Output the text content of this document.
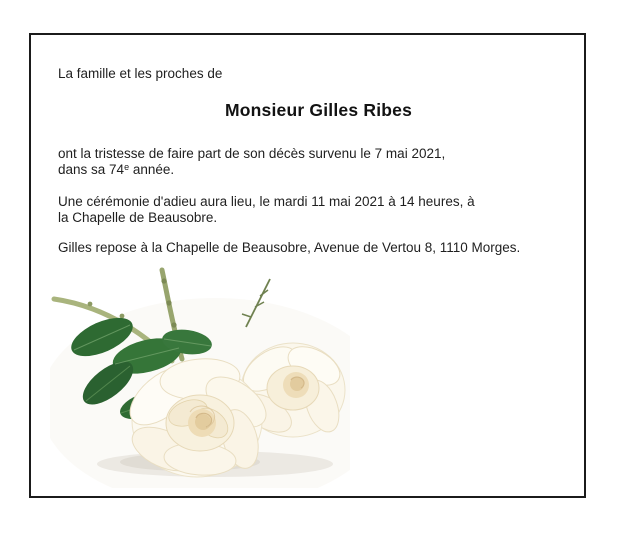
La famille et les proches de

Monsieur Gilles Ribes

ont la tristesse de faire part de son décès survenu le 7 mai 2021,
dans sa 74e année.

Une cérémonie d'adieu aura lieu, le mardi 11 mai 2021 à 14 heures, à
la Chapelle de Beausobre.

Gilles repose à la Chapelle de Beausobre, Avenue de Vertou 8, 1110 Morges.
